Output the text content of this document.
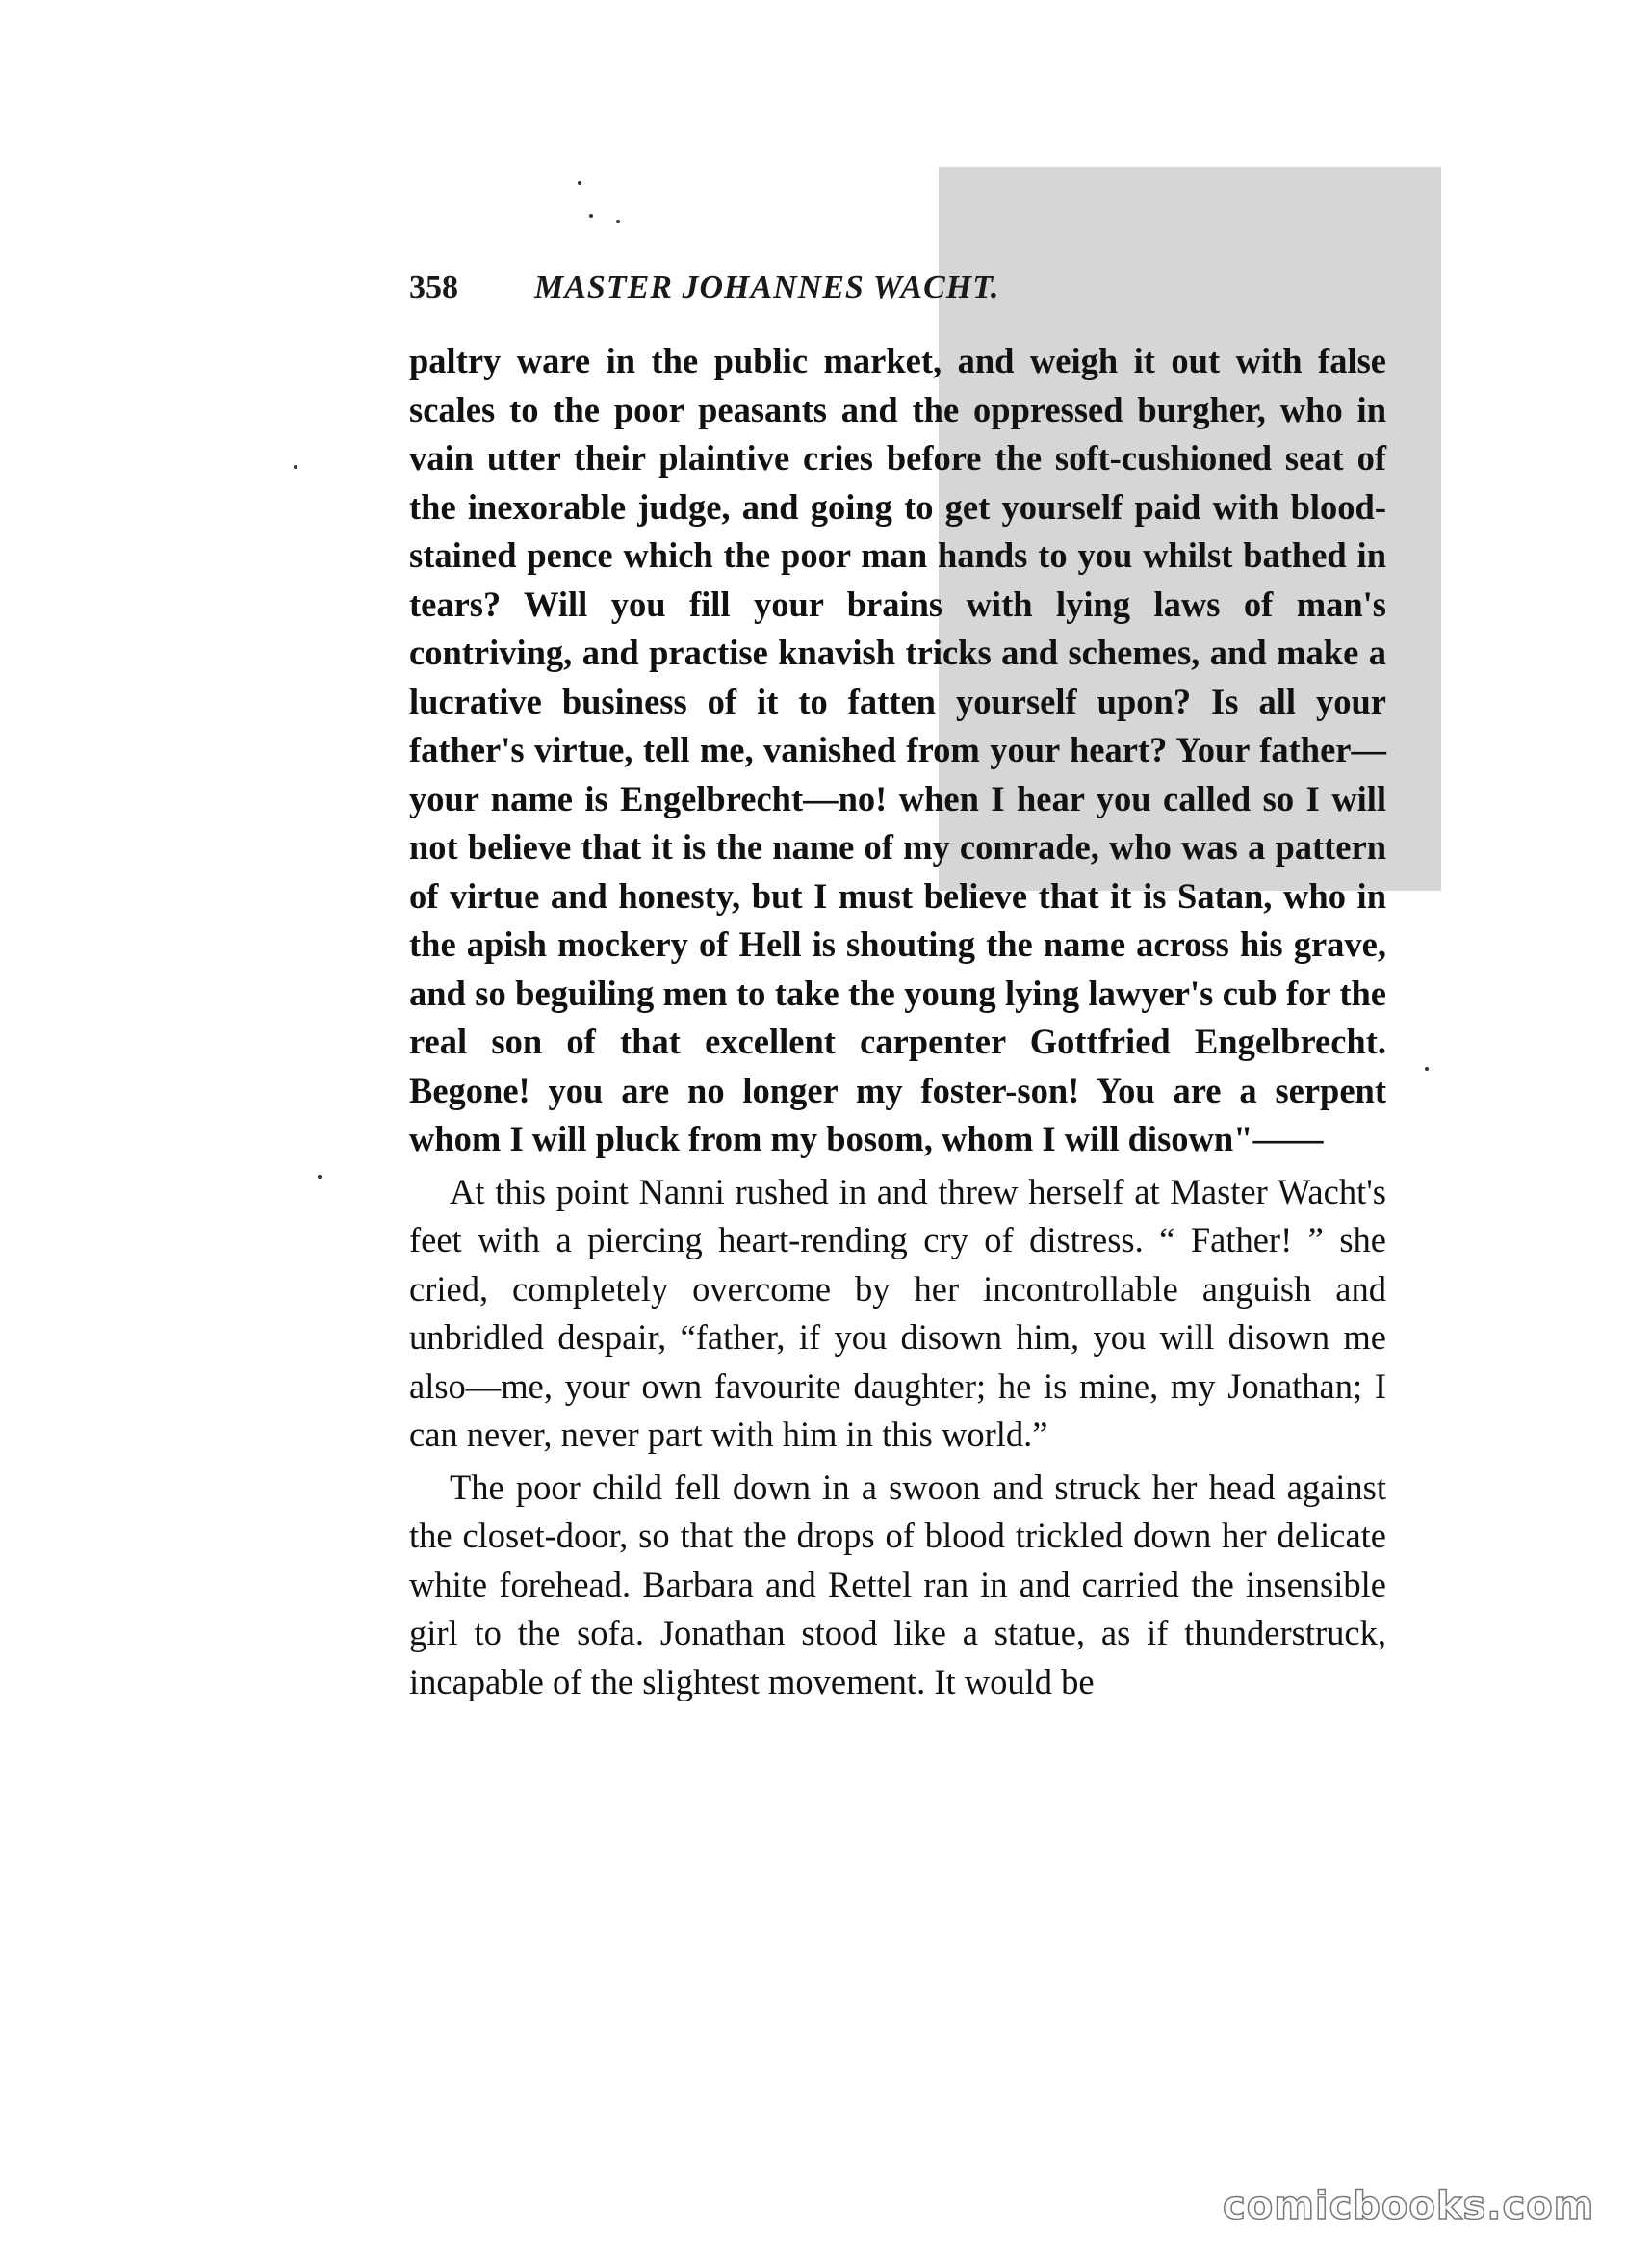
358	MASTER JOHANNES WACHT.

paltry ware in the public market, and weigh it out with false scales to the poor peasants and the oppressed burgher, who in vain utter their plaintive cries before the soft-cushioned seat of the inexorable judge, and going to get yourself paid with blood-stained pence which the poor man hands to you whilst bathed in tears? Will you fill your brains with lying laws of man's contriving, and practise knavish tricks and schemes, and make a lucrative business of it to fatten yourself upon? Is all your father's virtue, tell me, vanished from your heart? Your father—your name is Engelbrecht—no! when I hear you called so I will not believe that it is the name of my comrade, who was a pattern of virtue and honesty, but I must believe that it is Satan, who in the apish mockery of Hell is shouting the name across his grave, and so beguiling men to take the young lying lawyer's cub for the real son of that excellent carpenter Gottfried Engelbrecht. Begone! you are no longer my foster-son! You are a serpent whom I will pluck from my bosom, whom I will disown"——

At this point Nanni rushed in and threw herself at Master Wacht's feet with a piercing heart-rending cry of distress. “ Father! ” she cried, completely overcome by her incontrollable anguish and unbridled despair, “father, if you disown him, you will disown me also—me, your own favourite daughter; he is mine, my Jonathan; I can never, never part with him in this world.”

The poor child fell down in a swoon and struck her head against the closet-door, so that the drops of blood trickled down her delicate white forehead. Barbara and Rettel ran in and carried the insensible girl to the sofa. Jonathan stood like a statue, as if thunderstruck, incapable of the slightest movement. It would be

comicbooks.com
